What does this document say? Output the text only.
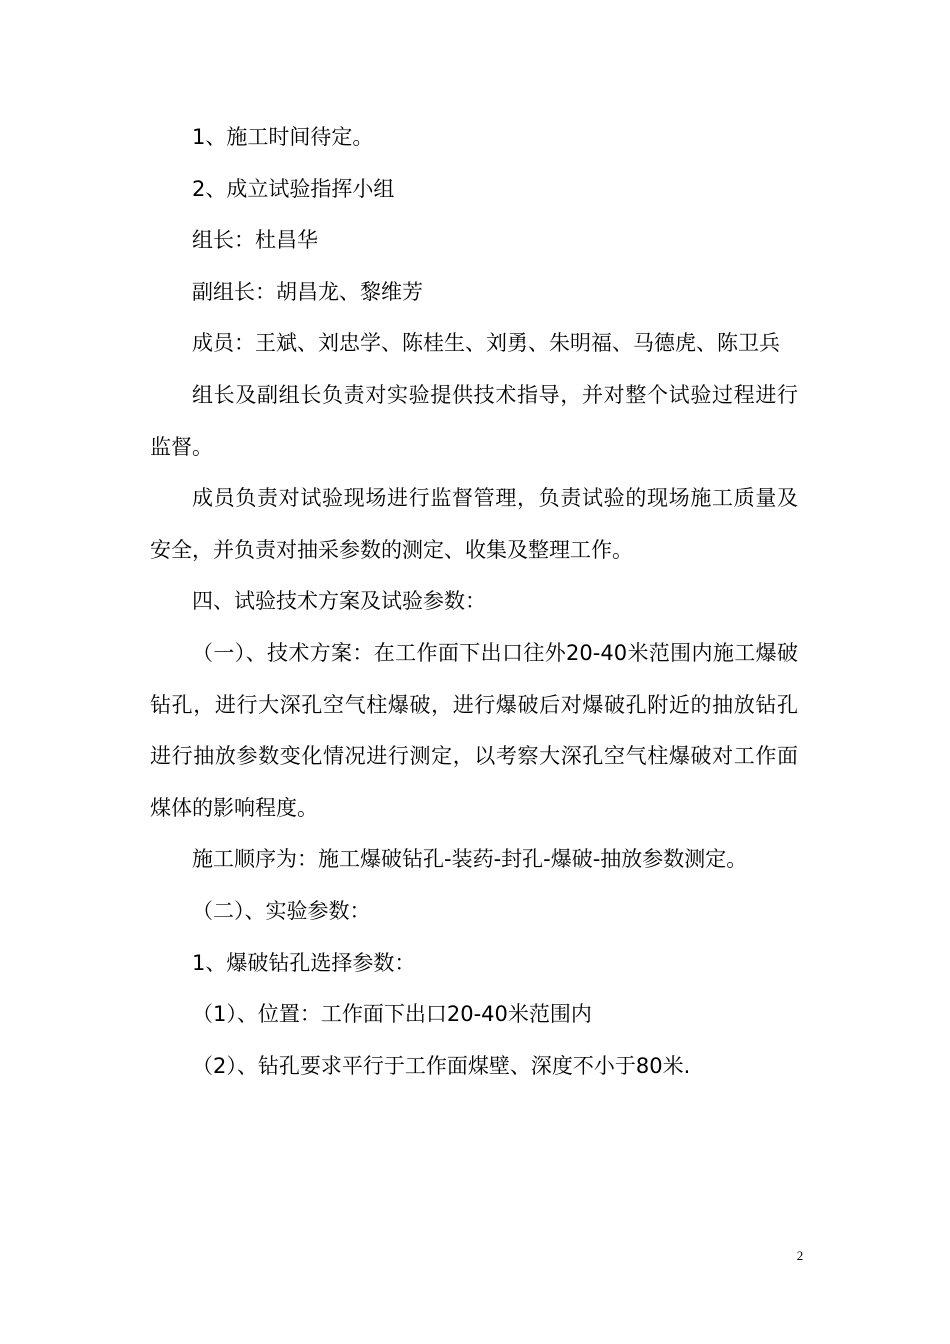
1、施工时间待定。

2、成立试验指挥小组

组长：杜昌华

副组长：胡昌龙、黎维芳

成员：王斌、刘忠学、陈桂生、刘勇、朱明福、马德虎、陈卫兵

组长及副组长负责对实验提供技术指导，并对整个试验过程进行监督。

成员负责对试验现场进行监督管理，负责试验的现场施工质量及安全，并负责对抽采参数的测定、收集及整理工作。

四、试验技术方案及试验参数：

（一）、技术方案：在工作面下出口往外20-40米范围内施工爆破钻孔，进行大深孔空气柱爆破，进行爆破后对爆破孔附近的抽放钻孔进行抽放参数变化情况进行测定，以考察大深孔空气柱爆破对工作面煤体的影响程度。

施工顺序为：施工爆破钻孔-装药-封孔-爆破-抽放参数测定。

（二）、实验参数：

1、爆破钻孔选择参数：

（1）、位置：工作面下出口20-40米范围内

（2）、钻孔要求平行于工作面煤壁、深度不小于80米.

2
